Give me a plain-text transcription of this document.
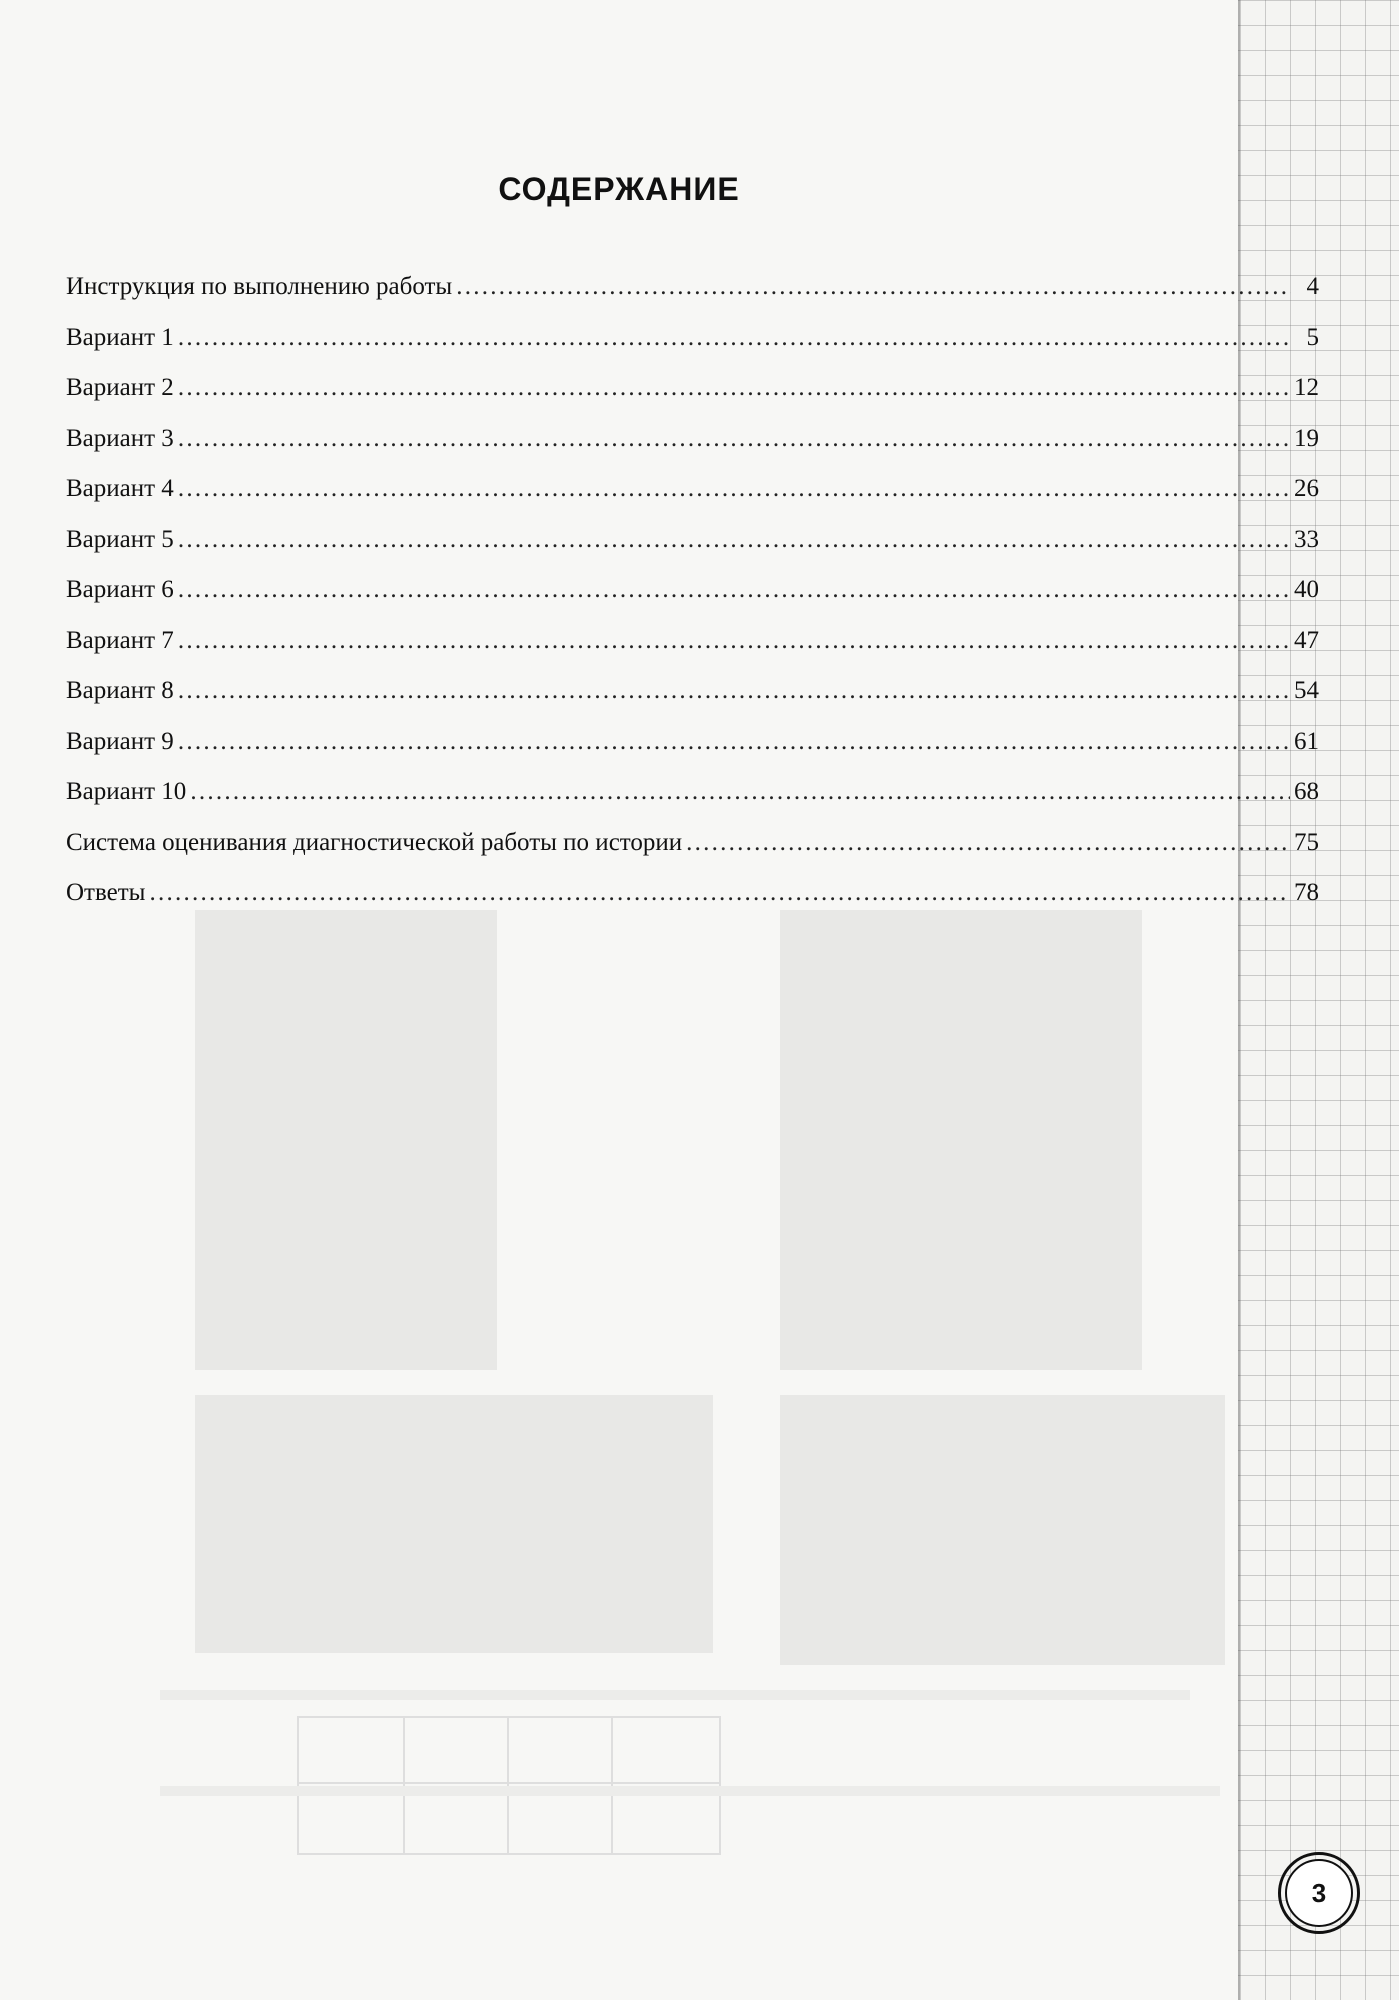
СОДЕРЖАНИЕ
Инструкция по выполнению работы . . .	4
Вариант 1 . . .	5
Вариант 2 . . .	12
Вариант 3 . . .	19
Вариант 4 . . .	26
Вариант 5 . . .	33
Вариант 6 . . .	40
Вариант 7 . . .	47
Вариант 8 . . .	54
Вариант 9 . . .	61
Вариант 10 . . .	68
Система оценивания диагностической работы по истории . . .	75
Ответы . . .	78
3
